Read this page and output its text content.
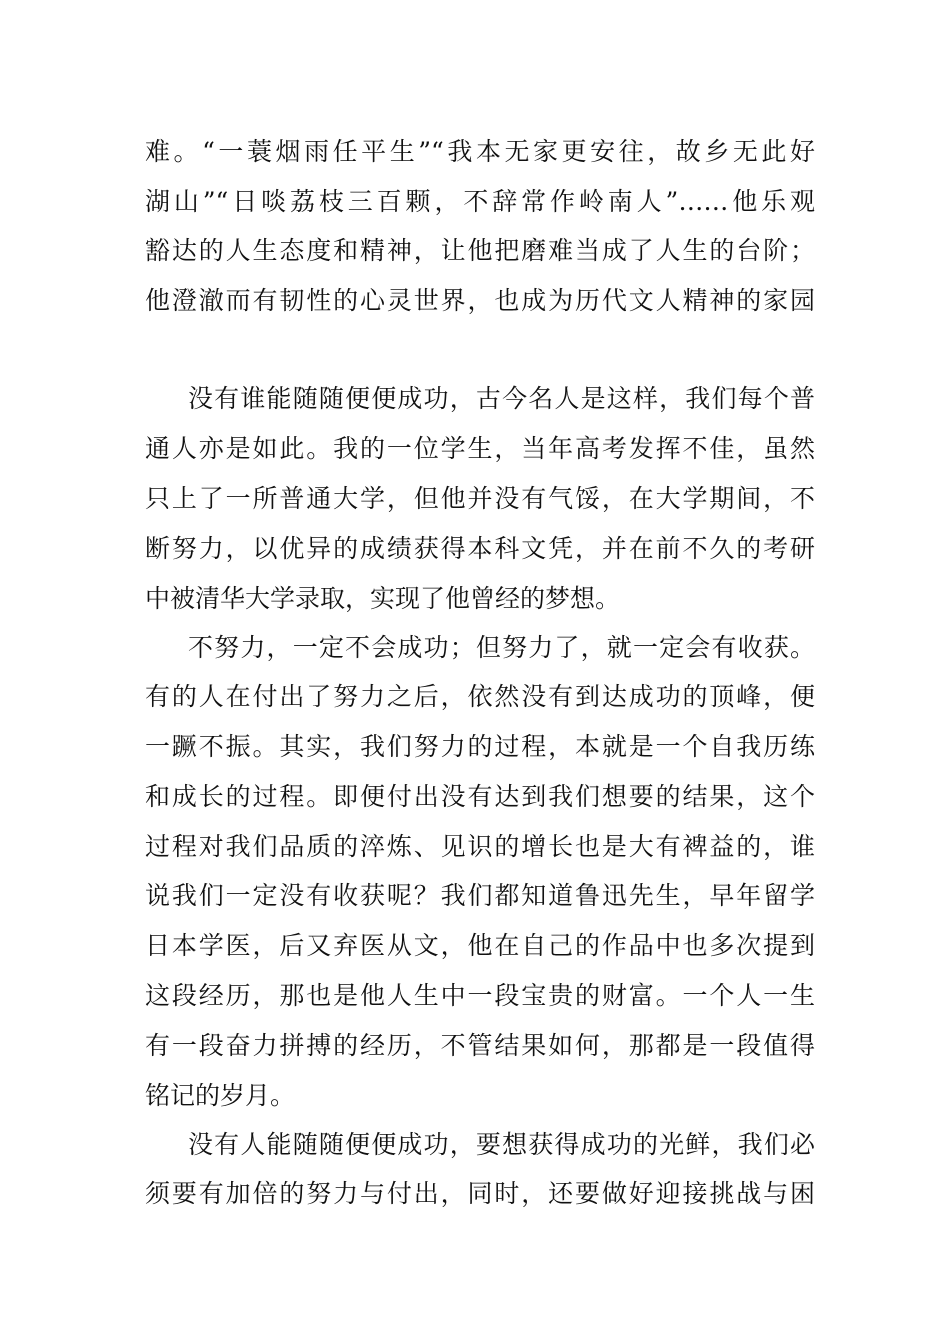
难。“一蓑烟雨任平生”“我本无家更安往，故乡无此好

湖山”“日啖荔枝三百颗，不辞常作岭南人”……他乐观

豁达的人生态度和精神，让他把磨难当成了人生的台阶；

他澄澈而有韧性的心灵世界，也成为历代文人精神的家园

没有谁能随随便便成功，古今名人是这样，我们每个普

通人亦是如此。我的一位学生，当年高考发挥不佳，虽然

只上了一所普通大学，但他并没有气馁，在大学期间，不

断努力，以优异的成绩获得本科文凭，并在前不久的考研

中被清华大学录取，实现了他曾经的梦想。

不努力，一定不会成功；但努力了，就一定会有收获。

有的人在付出了努力之后，依然没有到达成功的顶峰，便

一蹶不振。其实，我们努力的过程，本就是一个自我历练

和成长的过程。即便付出没有达到我们想要的结果，这个

过程对我们品质的淬炼、见识的增长也是大有裨益的，谁

说我们一定没有收获呢？我们都知道鲁迅先生，早年留学

日本学医，后又弃医从文，他在自己的作品中也多次提到

这段经历，那也是他人生中一段宝贵的财富。一个人一生

有一段奋力拼搏的经历，不管结果如何，那都是一段值得

铭记的岁月。

没有人能随随便便成功，要想获得成功的光鲜，我们必

须要有加倍的努力与付出，同时，还要做好迎接挑战与困
